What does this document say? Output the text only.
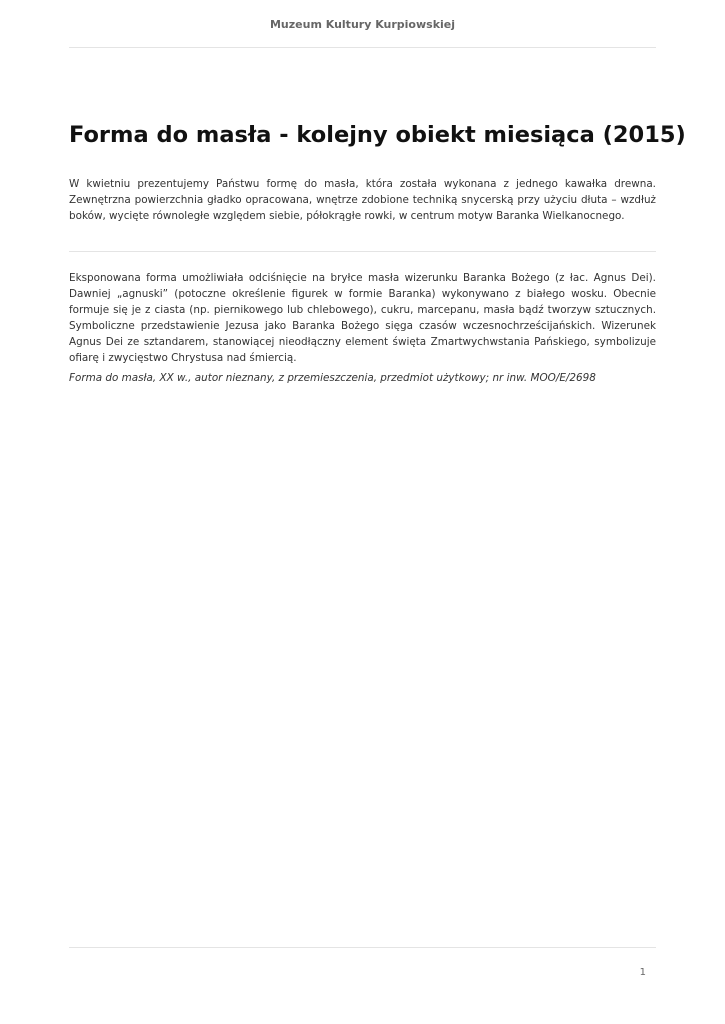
Muzeum Kultury Kurpiowskiej
Forma do masła - kolejny obiekt miesiąca (2015)

W kwietniu prezentujemy Państwu formę do masła, która została wykonana z jednego kawałka drewna. Zewnętrzna powierzchnia gładko opracowana, wnętrze zdobione techniką snycerską przy użyciu dłuta – wzdłuż boków, wycięte równoległe względem siebie, półokrągłe rowki, w centrum motyw Baranka Wielkanocnego.

Eksponowana forma umożliwiała odciśnięcie na bryłce masła wizerunku Baranka Bożego (z łac. Agnus Dei). Dawniej „agnuski” (potoczne określenie figurek w formie Baranka) wykonywano z białego wosku. Obecnie formuje się je z ciasta (np. piernikowego lub chlebowego), cukru, marcepanu, masła bądź tworzyw sztucznych. Symboliczne przedstawienie Jezusa jako Baranka Bożego sięga czasów wczesnochrześcijańskich. Wizerunek Agnus Dei ze sztandarem, stanowiącej nieodłączny element święta Zmartwychwstania Pańskiego, symbolizuje ofiarę i zwycięstwo Chrystusa nad śmiercią.

Forma do masła, XX w., autor nieznany, z przemieszczenia, przedmiot użytkowy; nr inw. MOO/E/2698

1
